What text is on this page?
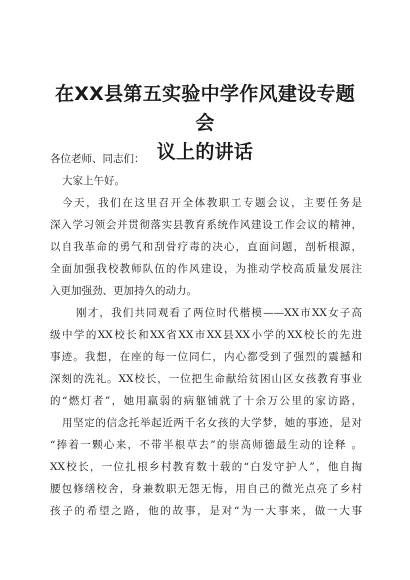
在XX县第五实验中学作风建设专题会
议上的讲话
各位老师、同志们：
大家上午好。
今天，我们在这里召开全体教职工专题会议，主要任务是
深入学习领会并贯彻落实县教育系统作风建设工作会议的精神，
以自我革命的勇气和刮骨疗毒的决心，直面问题，剖析根源，
全面加强我校教师队伍的作风建设，为推动学校高质量发展注
入更加强劲、更加持久的动力。
刚才，我们共同观看了两位时代楷模——XX市XX女子高
级中学的XX校长和XX省XX市XX县XX小学的XX校长的先进
事迹。我想，在座的每一位同仁，内心都受到了强烈的震撼和
深刻的洗礼。XX校长，一位把生命献给贫困山区女孩教育事业
的“燃灯者”，她用羸弱的病躯铺就了十余万公里的家访路，
用坚定的信念托举起近两千名女孩的大学梦，她的事迹，是对
“捧着一颗心来，不带半根草去”的崇高师德最生动的诠释 。
XX校长，一位扎根乡村教育数十载的“白发守护人”，他自掏
腰包修缮校舍，身兼数职无怨无悔，用自己的微光点亮了乡村
孩子的希望之路，他的故事，是对“为一大事来，做一大事
